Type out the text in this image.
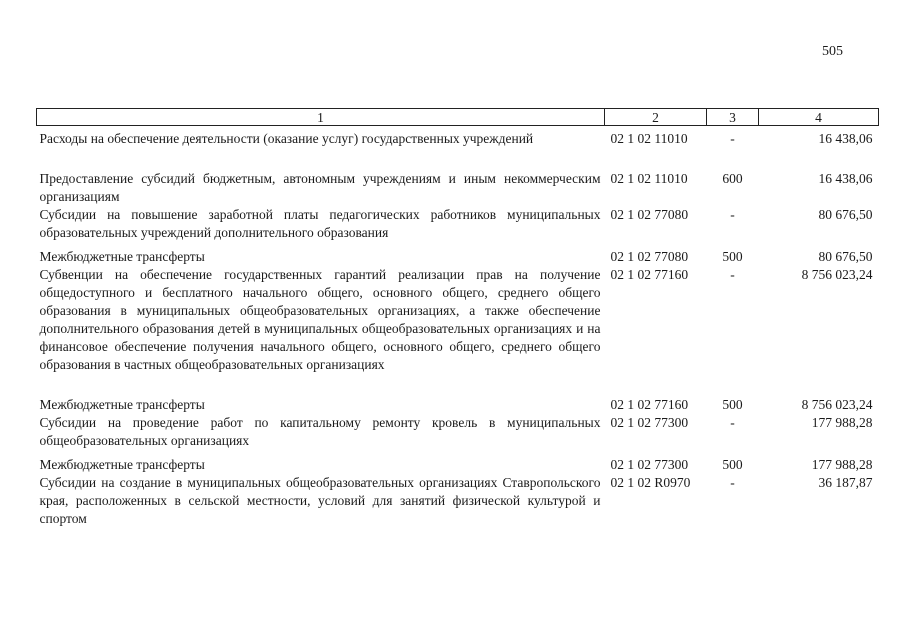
505
1	2	3	4

Расходы на обеспечение деятельности (оказание услуг) государственных учреждений	02 1 02 11010	-	16 438,06

Предоставление субсидий бюджетным, автономным учреждениям и иным некоммерческим организациям	02 1 02 11010	600	16 438,06
Субсидии на повышение заработной платы педагогических работников муниципальных образовательных учреждений дополнительного образования	02 1 02 77080	-	80 676,50

Межбюджетные трансферты	02 1 02 77080	500	80 676,50
Субвенции на обеспечение государственных гарантий реализации прав на получение общедоступного и бесплатного начального общего, основного общего, среднего общего образования в муниципальных общеобразовательных организациях, а также обеспечение дополнительного образования детей в муниципальных общеобразовательных организациях и на финансовое обеспечение получения начального общего, основного общего, среднего общего образования в частных общеобразовательных организациях	02 1 02 77160	-	8 756 023,24

Межбюджетные трансферты	02 1 02 77160	500	8 756 023,24
Субсидии на проведение работ по капитальному ремонту кровель в муниципальных общеобразовательных организациях	02 1 02 77300	-	177 988,28

Межбюджетные трансферты	02 1 02 77300	500	177 988,28
Субсидии на создание в муниципальных общеобразовательных организациях Ставропольского края, расположенных в сельской местности, условий для занятий физической культурой и спортом	02 1 02 R0970	-	36 187,87
